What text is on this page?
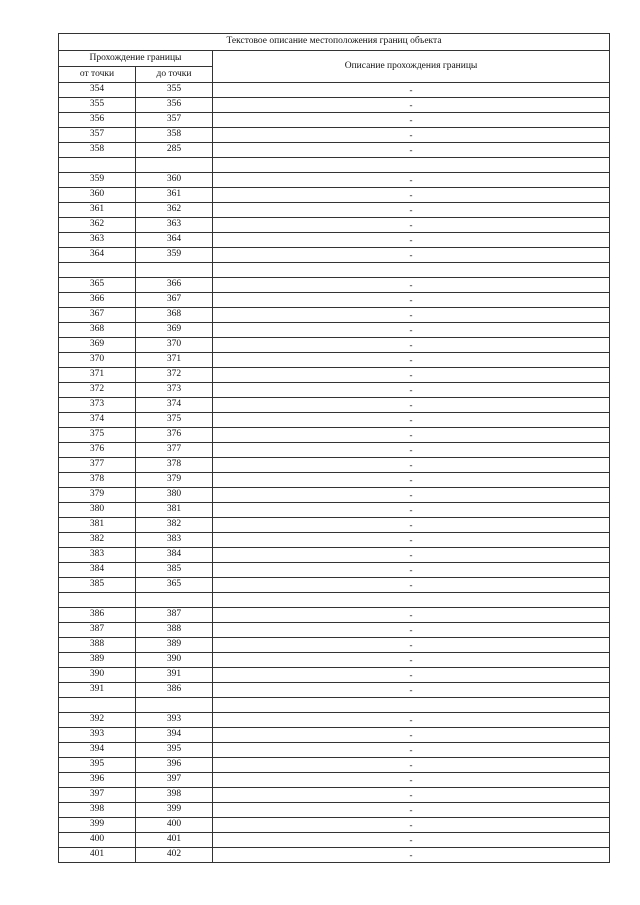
Текстовое описание местоположения границ объекта		
Прохождение границы		Описание прохождения границы
от точки	до точки	
354	355	-
355	356	-
356	357	-
357	358	-
358	285	-

359	360	-
360	361	-
361	362	-
362	363	-
363	364	-
364	359	-

365	366	-
366	367	-
367	368	-
368	369	-
369	370	-
370	371	-
371	372	-
372	373	-
373	374	-
374	375	-
375	376	-
376	377	-
377	378	-
378	379	-
379	380	-
380	381	-
381	382	-
382	383	-
383	384	-
384	385	-
385	365	-

386	387	-
387	388	-
388	389	-
389	390	-
390	391	-
391	386	-

392	393	-
393	394	-
394	395	-
395	396	-
396	397	-
397	398	-
398	399	-
399	400	-
400	401	-
401	402	-
